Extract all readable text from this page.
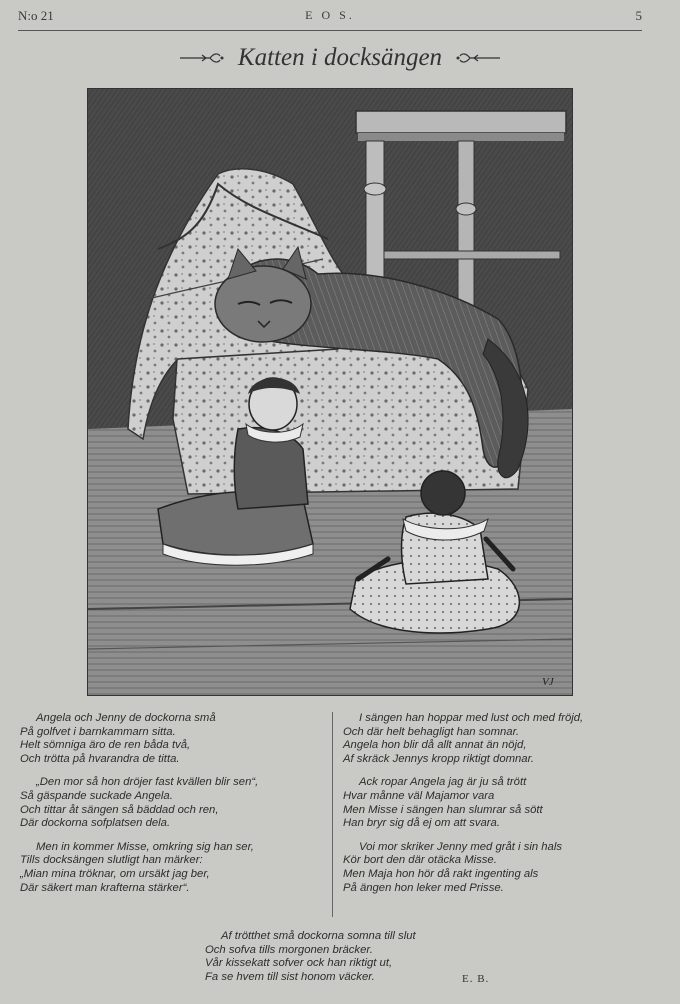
N:o 21	E O S.	5
Katten i docksängen
VJ
Angela och Jenny de dockorna små
På golfvet i barnkammarn sitta.
Helt sömniga äro de ren båda två,
Och trötta på hvarandra de titta.
„Den mor så hon dröjer fast kvällen blir sen“,
Så gäspande suckade Angela.
Och tittar åt sängen så bäddad och ren,
Där dockorna sofplatsen dela.
Men in kommer Misse, omkring sig han ser,
Tills docksängen slutligt han märker:
„Mian mina tröknar, om ursäkt jag ber,
Där säkert man krafterna stärker“.
I sängen han hoppar med lust och med fröjd,
Och där helt behagligt han somnar.
Angela hon blir då allt annat än nöjd,
Af skräck Jennys kropp riktigt domnar.
Ack ropar Angela jag är ju så trött
Hvar månne väl Majamor vara
Men Misse i sängen han slumrar så sött
Han bryr sig då ej om att svara.
Voi mor skriker Jenny med gråt i sin hals
Kör bort den där otäcka Misse.
Men Maja hon hör då rakt ingenting als
På ängen hon leker med Prisse.
Af trötthet små dockorna somna till slut
Och sofva tills morgonen bräcker.
Vår kissekatt sofver ock han riktigt ut,
Fa se hvem till sist honom väcker.	E. B.
